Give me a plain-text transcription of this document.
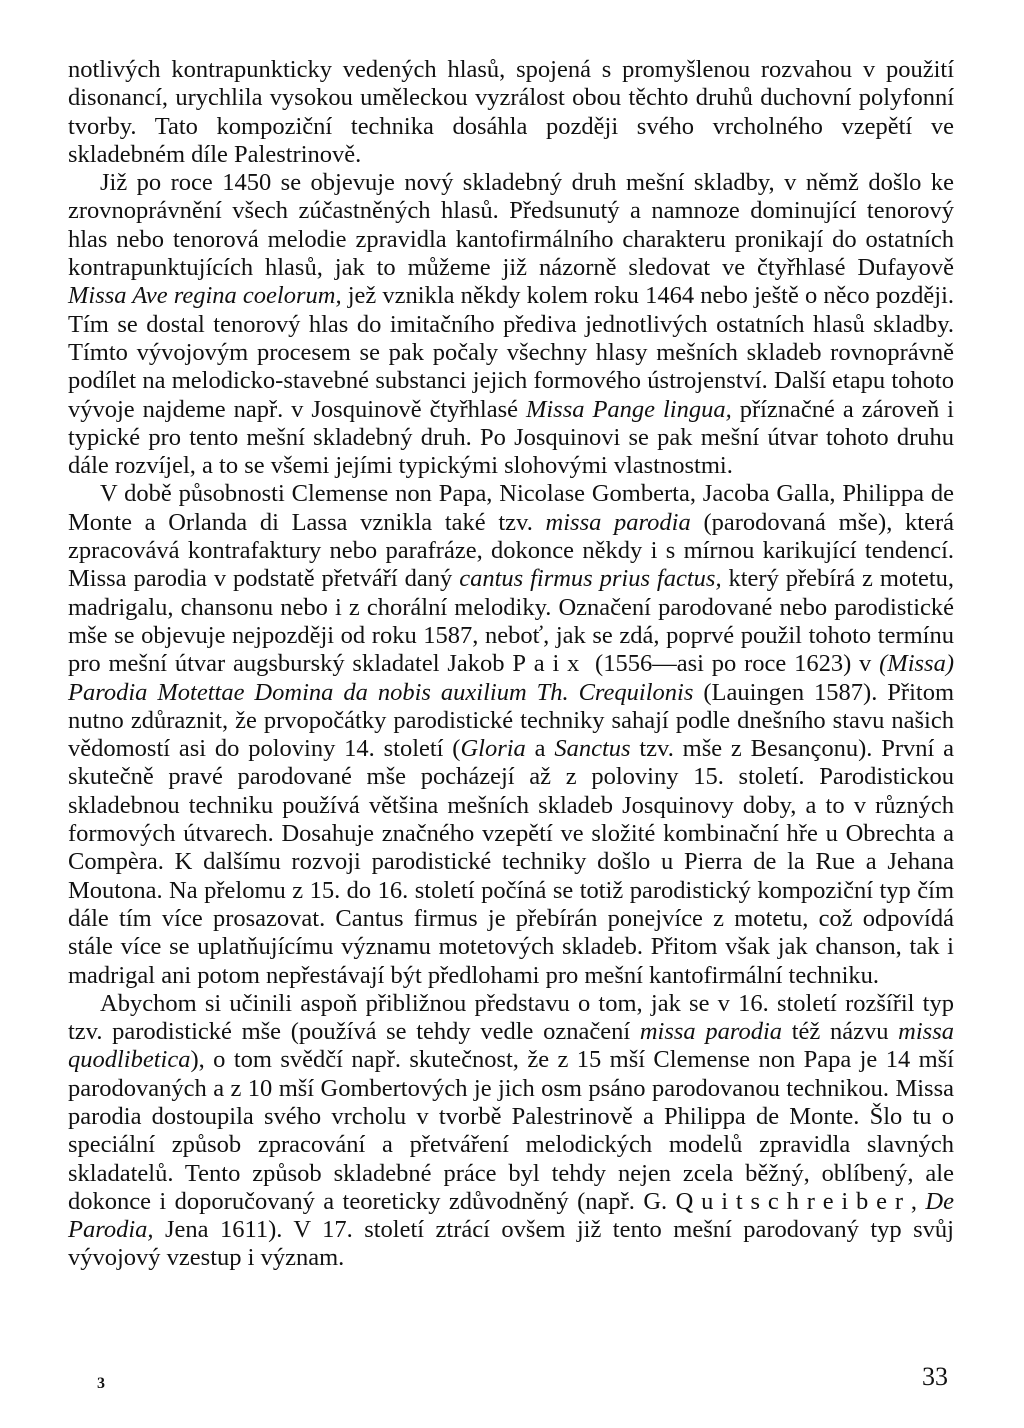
notlivých kontrapunkticky vedených hlasů, spojená s promyšlenou rozvahou v použití disonancí, urychlila vysokou uměleckou vyzrálost obou těchto druhů duchovní polyfonní tvorby. Tato kompoziční technika dosáhla později svého vrcholného vzepětí ve skladebném díle Palestrinově.

Již po roce 1450 se objevuje nový skladebný druh mešní skladby, v němž došlo ke zrovnoprávnění všech zúčastněných hlasů. Předsunutý a namnoze dominující tenorový hlas nebo tenorová melodie zpravidla kantofirmálního charakteru pronikají do ostatních kontrapunktujících hlasů, jak to můžeme již názorně sledovat ve čtyřhlasé Dufayově Missa Ave regina coelorum, jež vznikla někdy kolem roku 1464 nebo ještě o něco později. Tím se dostal tenorový hlas do imitačního přediva jednotlivých ostatních hlasů skladby. Tímto vývojovým procesem se pak počaly všechny hlasy mešních skladeb rovnoprávně podílet na melodicko-stavebné substanci jejich formového ústrojenství. Další etapu tohoto vývoje najdeme např. v Josquinově čtyřhlasé Missa Pange lingua, příznačné a zároveň i typické pro tento mešní skladebný druh. Po Josquinovi se pak mešní útvar tohoto druhu dále rozvíjel, a to se všemi jejími typickými slohovými vlastnostmi.

V době působnosti Clemense non Papa, Nicolase Gomberta, Jacoba Galla, Philippa de Monte a Orlanda di Lassa vznikla také tzv. missa parodia (parodovaná mše), která zpracovává kontrafaktury nebo parafráze, dokonce někdy i s mírnou karikující tendencí. Missa parodia v podstatě přetváří daný cantus firmus prius factus, který přebírá z motetu, madrigalu, chansonu nebo i z chorální melodiky. Označení parodované nebo parodistické mše se objevuje nejpozději od roku 1587, neboť, jak se zdá, poprvé použil tohoto termínu pro mešní útvar augsburský skladatel Jakob Paix (1556—asi po roce 1623) v (Missa) Parodia Motettae Domina da nobis auxilium Th. Crequilonis (Lauingen 1587). Přitom nutno zdůraznit, že prvopočátky parodistické techniky sahají podle dnešního stavu našich vědomostí asi do poloviny 14. století (Gloria a Sanctus tzv. mše z Besançonu). První a skutečně pravé parodované mše pocházejí až z poloviny 15. století. Parodistickou skladebnou techniku používá většina mešních skladeb Josquinovy doby, a to v různých formových útvarech. Dosahuje značného vzepětí ve složité kombinační hře u Obrechta a Compèra. K dalšímu rozvoji parodistické techniky došlo u Pierra de la Rue a Jehana Moutona. Na přelomu z 15. do 16. století počíná se totiž parodistický kompoziční typ čím dále tím více prosazovat. Cantus firmus je přebírán ponejvíce z motetu, což odpovídá stále více se uplatňujícímu významu motetových skladeb. Přitom však jak chanson, tak i madrigal ani potom nepřestávají být předlohami pro mešní kantofirmální techniku.

Abychom si učinili aspoň přibližnou představu o tom, jak se v 16. století rozšířil typ tzv. parodistické mše (používá se tehdy vedle označení missa parodia též názvu missa quodlibetica), o tom svědčí např. skutečnost, že z 15 mší Clemense non Papa je 14 mší parodovaných a z 10 mší Gombertových je jich osm psáno parodovanou technikou. Missa parodia dostoupila svého vrcholu v tvorbě Palestrinově a Philippa de Monte. Šlo tu o speciální způsob zpracování a přetváření melodických modelů zpravidla slavných skladatelů. Tento způsob skladebné práce byl tehdy nejen zcela běžný, oblíbený, ale dokonce i doporučovaný a teoreticky zdůvodněný (např. G. Quitschreiber, De Parodia, Jena 1611). V 17. století ztrácí ovšem již tento mešní parodovaný typ svůj vývojový vzestup i význam.

3	33
